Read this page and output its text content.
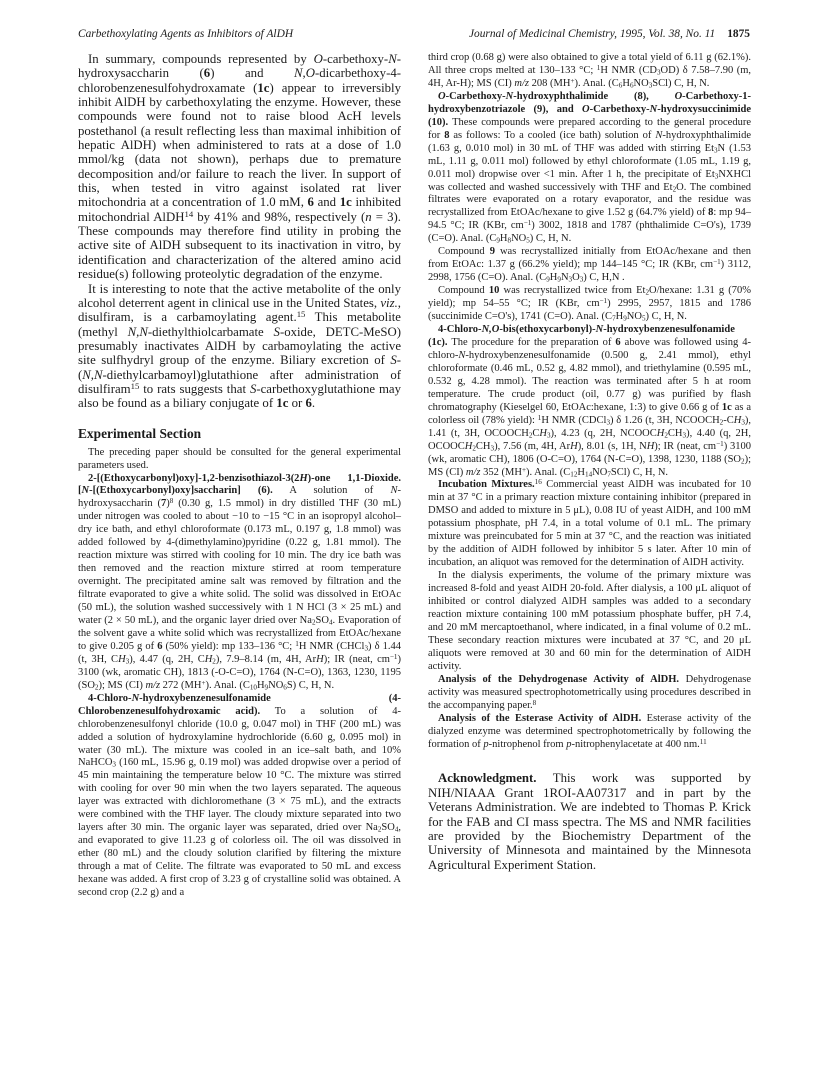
Carbethoxylating Agents as Inhibitors of AlDH	Journal of Medicinal Chemistry, 1995, Vol. 38, No. 11 1875

In summary, compounds represented by O-carbethoxy-N-hydroxysaccharin (6) and N,O-dicarbethoxy-4-chlorobenzenesulfohydroxamate (1c) appear to irreversibly inhibit AlDH by carbethoxylating the enzyme. However, these compounds were found not to raise blood AcH levels postethanol (a result reflecting less than maximal inhibition of hepatic AlDH) when administered to rats at a dose of 1.0 mmol/kg (data not shown), perhaps due to premature decomposition and/or failure to reach the liver. In support of this, when tested in vitro against isolated rat liver mitochondria at a concentration of 1.0 mM, 6 and 1c inhibited mitochondrial AlDH$^{14}$ by 41% and 98%, respectively (n = 3). These compounds may therefore find utility in probing the active site of AlDH subsequent to its inactivation in vitro, by identification and characterization of the altered amino acid residue(s) following proteolytic degradation of the enzyme.

It is interesting to note that the active metabolite of the only alcohol deterrent agent in clinical use in the United States, viz., disulfiram, is a carbamoylating agent.$^{15}$ This metabolite (methyl N,N-diethylthiolcarbamate S-oxide, DETC-MeSO) presumably inactivates AlDH by carbamoylating the active site sulfhydryl group of the enzyme. Biliary excretion of S-(N,N-diethylcarbamoyl)glutathione after administration of disulfiram$^{15}$ to rats suggests that S-carbethoxyglutathione may also be found as a biliary conjugate of 1c or 6.

Experimental Section

The preceding paper should be consulted for the general experimental parameters used.

2-[(Ethoxycarbonyl)oxy]-1,2-benzisothiazol-3(2H)-one 1,1-Dioxide. [N-[(Ethoxycarbonyl)oxy]saccharin] (6). A solution of N-hydroxysaccharin $(7)^8$ (0.30 g, 1.5 mmol) in dry distilled THF (30 mL) under nitrogen was cooled to about −10 to −15 °C in an isopropyl alcohol–dry ice bath, and ethyl chloroformate (0.173 mL, 0.197 g, 1.8 mmol) was added followed by 4-(dimethylamino)pyridine (0.22 g, 1.81 mmol). The reaction mixture was stirred with cooling for 10 min. The dry ice bath was then removed and the reaction mixture stirred at room temperature overnight. The precipitated amine salt was removed by filtration and the filtrate evaporated to give a white solid. The solid was dissolved in EtOAc (50 mL), the solution washed successively with 1 N HCl (3 × 25 mL) and water (2 × 50 mL), and the organic layer dried over Na2SO4. Evaporation of the solvent gave a white solid which was recrystallized from EtOAc/hexane to give 0.205 g of 6 (50% yield): mp 133–136 °C; $^1$H NMR (CHCl3) δ 1.44 (t, 3H, CH3), 4.47 (q, 2H, CH2), 7.9–8.14 (m, 4H, ArH); IR (neat, $cm^{-1}$) 3100 (wk, aromatic CH), 1813 (-O-C=O), 1764 (N-C=O), 1363, 1230, 1195 (SO2); MS (CI) m/z 272 (MH+). Anal. (C10H9NO6S) C, H, N.

4-Chloro-N-hydroxybenzenesulfonamide (4-Chlorobenzenesulfohydroxamic acid). To a solution of 4-chlorobenzenesulfonyl chloride (10.0 g, 0.047 mol) in THF (200 mL) was added a solution of hydroxylamine hydrochloride (6.60 g, 0.095 mol) in water (30 mL). The mixture was cooled in an ice–salt bath, and 10% NaHCO3 (160 mL, 15.96 g, 0.19 mol) was added dropwise over a period of 45 min maintaining the temperature below 10 °C. The mixture was stirred with cooling for over 90 min when the two layers separated. The aqueous layer was extracted with dichloromethane (3 × 75 mL), and the extracts were combined with the THF layer. The cloudy mixture separated into two layers after 30 min. The organic layer was separated, dried over Na2SO4, and evaporated to give 11.23 g of colorless oil. The oil was dissolved in ether (80 mL) and the cloudy solution clarified by filtering the mixture through a mat of Celite. The filtrate was evaporated to 50 mL and excess hexane was added. A first crop of 3.23 g of crystalline solid was obtained. A second crop (2.2 g) and a

third crop (0.68 g) were also obtained to give a total yield of 6.11 g (62.1%). All three crops melted at 130–133 °C; $^1$H NMR (CD3OD) δ 7.58–7.90 (m, 4H, Ar-H); MS (CI) m/z 208 (MH+). Anal. (C6H6NO3SCl) C, H, N.

O-Carbethoxy-N-hydroxyphthalimide (8), O-Carbethoxy-1-hydroxybenzotriazole (9), and O-Carbethoxy-N-hydroxysuccinimide (10). These compounds were prepared according to the general procedure for 8 as follows: To a cooled (ice bath) solution of N-hydroxyphthalimide (1.63 g, 0.010 mol) in 30 mL of THF was added with stirring Et3N (1.53 mL, 1.11 g, 0.011 mol) followed by ethyl chloroformate (1.05 mL, 1.19 g, 0.011 mol) dropwise over <1 min. After 1 h, the precipitate of Et3NXHCl was collected and washed successively with THF and Et2O. The combined filtrates were evaporated on a rotary evaporator, and the residue was recrystallized from EtOAc/hexane to give 1.52 g (64.7% yield) of 8: mp 94–94.5 °C; IR (KBr, $cm^{-1}$) 3002, 1818 and 1787 (phthalimide C=O's), 1739 (C=O). Anal. (C9H8NO5) C, H, N.

Compound 9 was recrystallized initially from EtOAc/hexane and then from EtOAc: 1.37 g (66.2% yield); mp 144–145 °C; IR (KBr, $cm^{-1}$) 3112, 2998, 1756 (C=O). Anal. (C9H9N3O3) C, H,N .

Compound 10 was recrystallized twice from Et2O/hexane: 1.31 g (70% yield); mp 54–55 °C; IR (KBr, $cm^{-1}$) 2995, 2957, 1815 and 1786 (succinimide C=O's), 1741 (C=O). Anal. (C7H9NO5) C, H, N.

4-Chloro-N,O-bis(ethoxycarbonyl)-N-hydroxybenzenesulfonamide (1c). The procedure for the preparation of 6 above was followed using 4-chloro-N-hydroxybenzenesulfonamide (0.500 g, 2.41 mmol), ethyl chloroformate (0.46 mL, 0.52 g, 4.82 mmol), and triethylamine (0.595 mL, 0.532 g, 4.28 mmol). The reaction was terminated after 5 h at room temperature. The crude product (oil, 0.77 g) was purified by flash chromatography (Kieselgel 60, EtOAc:hexane, 1:3) to give 0.66 g of 1c as a colorless oil (78% yield): $^1$H NMR (CDCl3) δ 1.26 (t, 3H, NCOOCH2-CH3), 1.41 (t, 3H, OCOOCH2CH3), 4.23 (q, 2H, NCOOCH2CH3), 4.40 (q, 2H, OCOOCH2CH3), 7.56 (m, 4H, ArH), 8.01 (s, 1H, NH); IR (neat, $cm^{-1}$) 3100 (wk, aromatic CH), 1806 (O-C=O), 1764 (N-C=O), 1398, 1230, 1188 (SO2); MS (CI) m/z 352 (MH+). Anal. (C12H14NO7SCl) C, H, N.

Incubation Mixtures.$^{16}$ Commercial yeast AlDH was incubated for 10 min at 37 °C in a primary reaction mixture containing inhibitor (prepared in DMSO and added to mixture in 5 μL), 0.08 IU of yeast AlDH, and 100 mM potassium phosphate, pH 7.4, in a total volume of 0.1 mL. The primary mixture was preincubated for 5 min at 37 °C, and the reaction was initiated by the addition of AlDH followed by inhibitor 5 s later. After 10 min of incubation, an aliquot was removed for the determination of AlDH activity.

In the dialysis experiments, the volume of the primary mixture was increased 8-fold and yeast AlDH 20-fold. After dialysis, a 100 μL aliquot of inhibited or control dialyzed AlDH samples was added to a secondary reaction mixture containing 100 mM potassium phosphate buffer, pH 7.4, and 20 mM mercaptoethanol, where indicated, in a final volume of 0.2 mL. These secondary reaction mixtures were incubated at 37 °C, and 20 μL aliquots were removed at 30 and 60 min for the determination of AlDH activity.

Analysis of the Dehydrogenase Activity of AlDH. Dehydrogenase activity was measured spectrophotometrically using procedures described in the accompanying paper.$^8$

Analysis of the Esterase Activity of AlDH. Esterase activity of the dialyzed enzyme was determined spectrophotometrically by following the formation of p-nitrophenol from p-nitrophenylacetate at 400 nm.$^{11}$

Acknowledgment. This work was supported by NIH/NIAAA Grant 1ROI-AA07317 and in part by the Veterans Administration. We are indebted to Thomas P. Krick for the FAB and CI mass spectra. The MS and NMR facilities are provided by the Biochemistry Department of the University of Minnesota and maintained by the Minnesota Agricultural Experiment Station.
